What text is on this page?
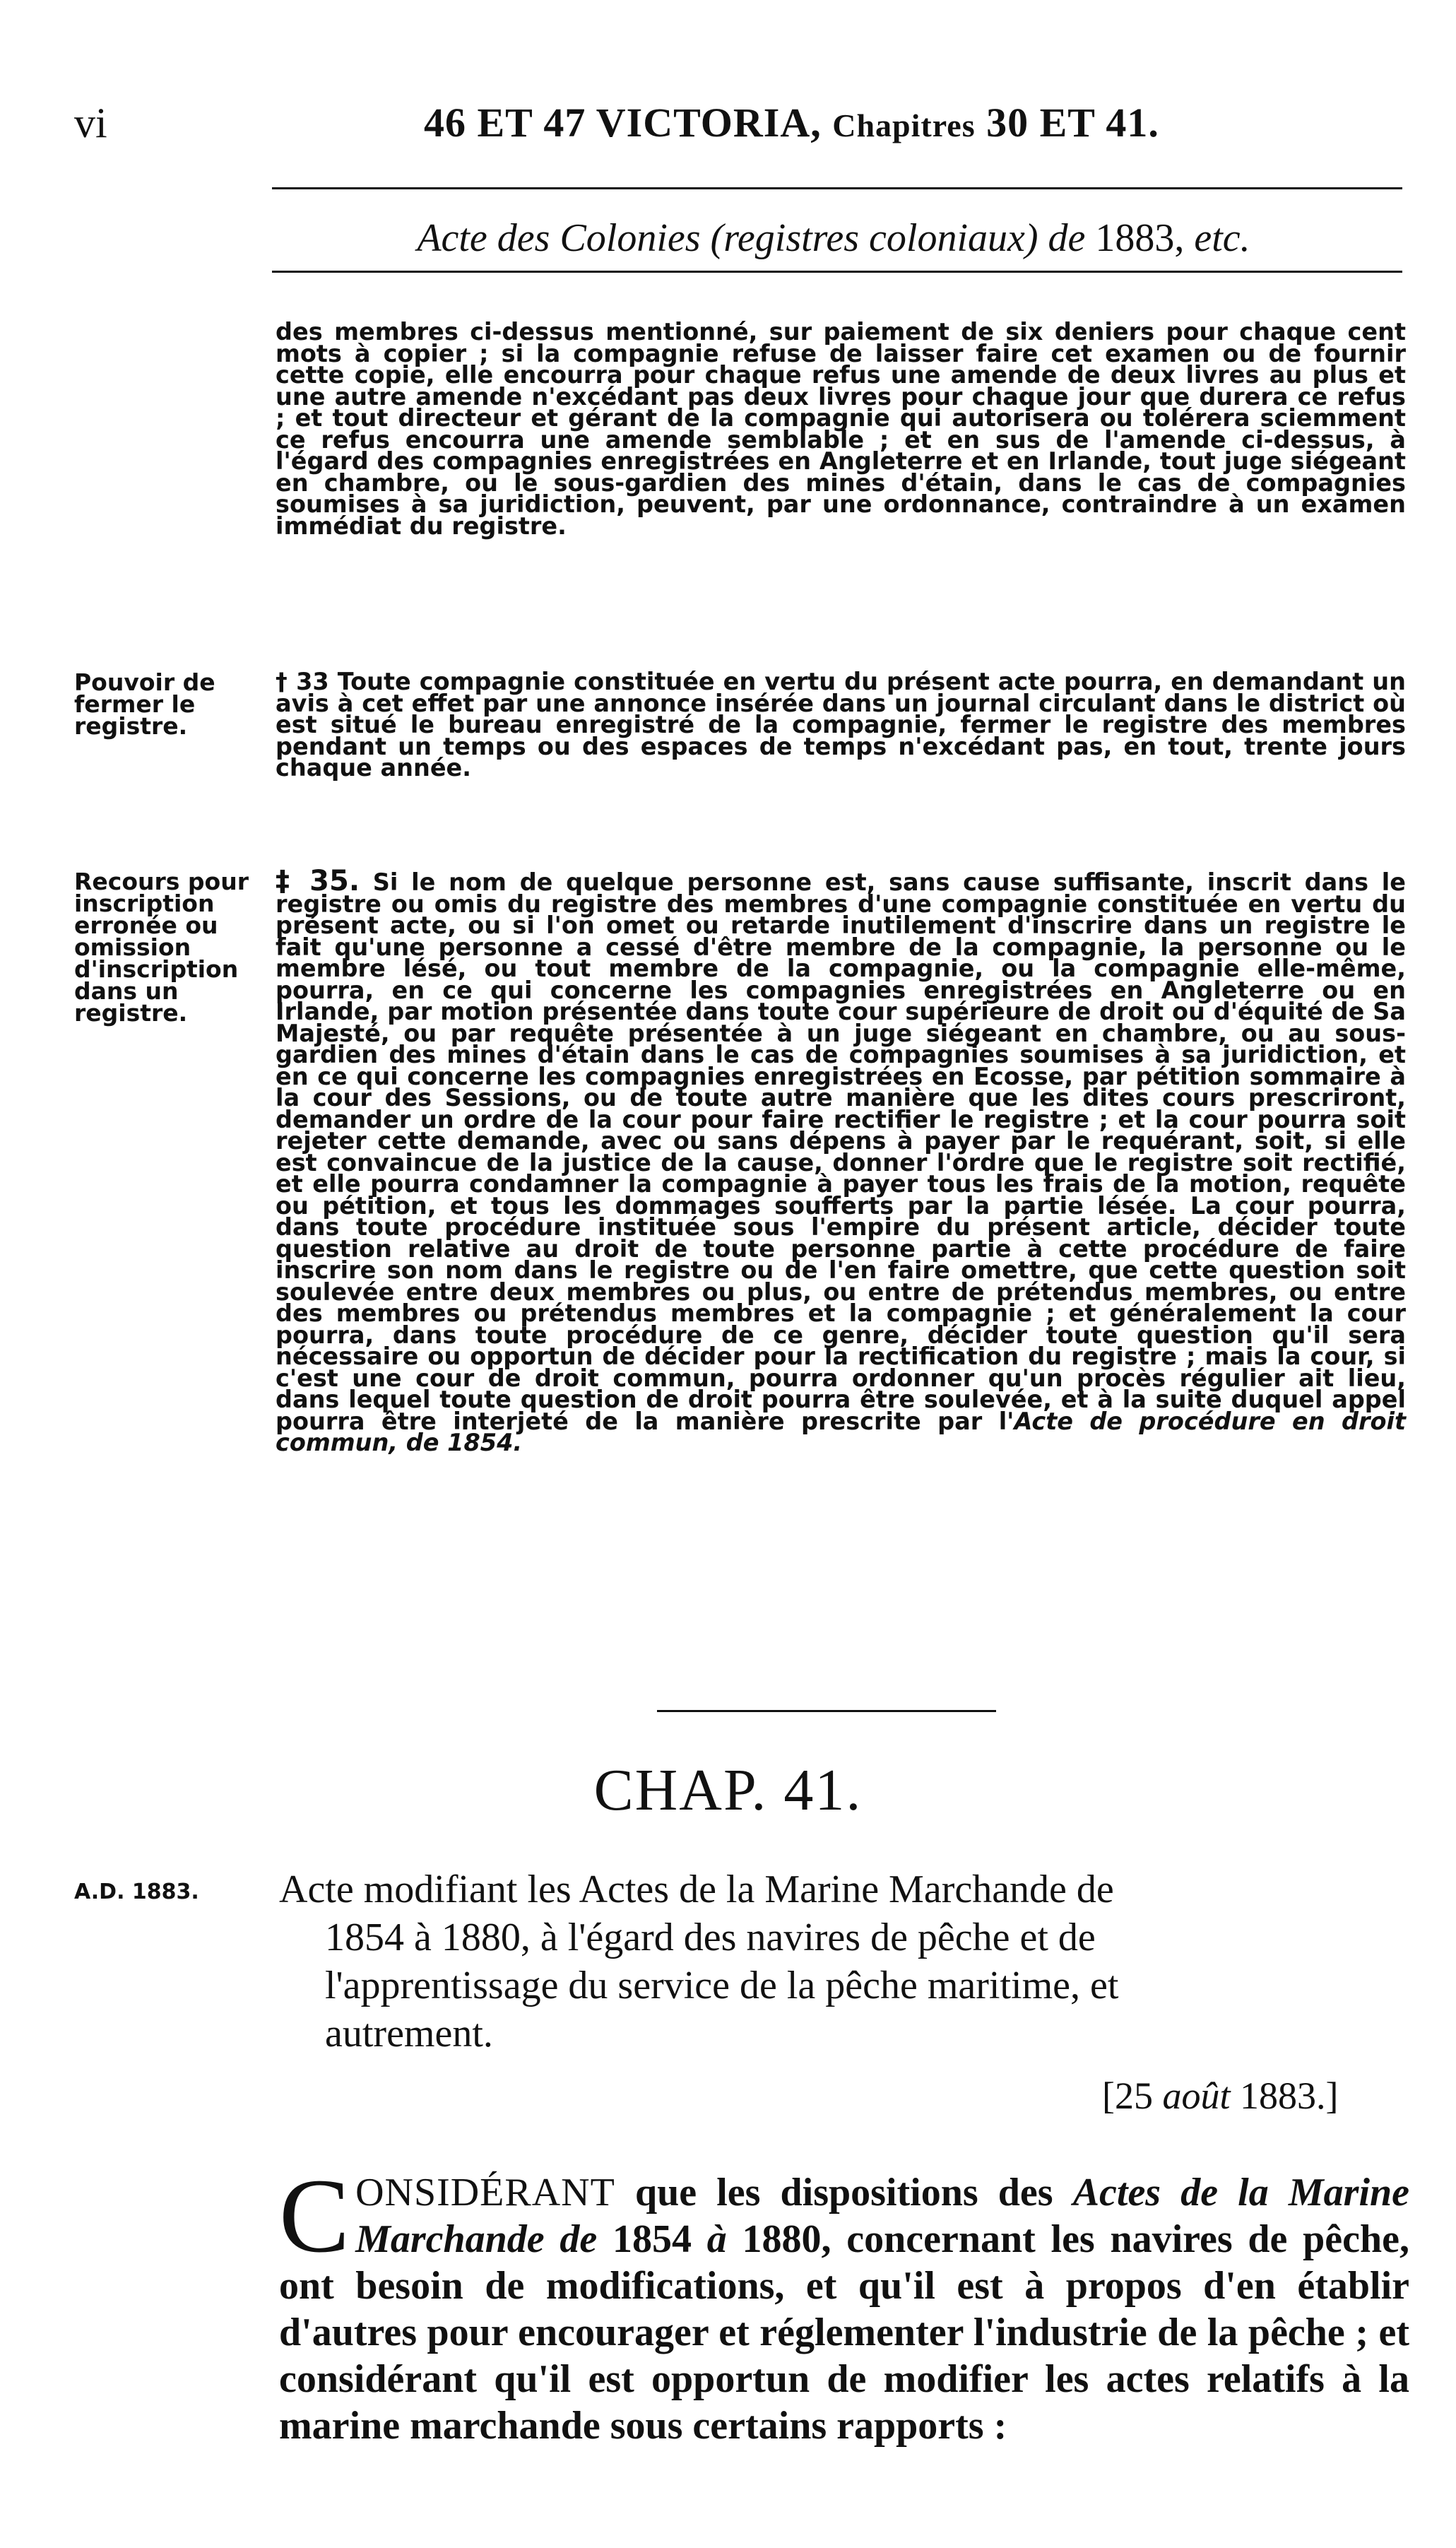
vi	46 ET 47 VICTORIA, Chapitres 30 ET 41.
Acte des Colonies (registres coloniaux) de 1883, etc.
des membres ci-dessus mentionné, sur paiement de six deniers pour chaque cent mots à copier ; si la compagnie refuse de laisser faire cet examen ou de fournir cette copie, elle encourra pour chaque refus une amende de deux livres au plus et une autre amende n'excédant pas deux livres pour chaque jour que durera ce refus ; et tout directeur et gérant de la compagnie qui autorisera ou tolérera sciemment ce refus encourra une amende semblable ; et en sus de l'amende ci-dessus, à l'égard des compagnies enregistrées en Angleterre et en Irlande, tout juge siégeant en chambre, ou le sous-gardien des mines d'étain, dans le cas de compagnies soumises à sa juridiction, peuvent, par une ordonnance, contraindre à un examen immédiat du registre.
Pouvoir de fermer le registre.
† 33 Toute compagnie constituée en vertu du présent acte pourra, en demandant un avis à cet effet par une annonce insérée dans un journal circulant dans le district où est situé le bureau enregistré de la compagnie, fermer le registre des membres pendant un temps ou des espaces de temps n'excédant pas, en tout, trente jours chaque année.
Recours pour inscription erronée ou omission d'inscription dans un registre.
‡ 35. Si le nom de quelque personne est, sans cause suffisante, inscrit dans le registre ou omis du registre des membres d'une compagnie constituée en vertu du présent acte, ou si l'on omet ou retarde inutilement d'inscrire dans un registre le fait qu'une personne a cessé d'être membre de la compagnie, la personne ou le membre lésé, ou tout membre de la compagnie, ou la compagnie elle-même, pourra, en ce qui concerne les compagnies enregistrées en Angleterre ou en Irlande, par motion présentée dans toute cour supérieure de droit ou d'équité de Sa Majesté, ou par requête présentée à un juge siégeant en chambre, ou au sous-gardien des mines d'étain dans le cas de compagnies soumises à sa juridiction, et en ce qui concerne les compagnies enregistrées en Ecosse, par pétition sommaire à la cour des Sessions, ou de toute autre manière que les dites cours prescriront, demander un ordre de la cour pour faire rectifier le registre ; et la cour pourra soit rejeter cette demande, avec ou sans dépens à payer par le requérant, soit, si elle est convaincue de la justice de la cause, donner l'ordre que le registre soit rectifié, et elle pourra condamner la compagnie à payer tous les frais de la motion, requête ou pétition, et tous les dommages soufferts par la partie lésée. La cour pourra, dans toute procédure instituée sous l'empire du présent article, décider toute question relative au droit de toute personne partie à cette procédure de faire inscrire son nom dans le registre ou de l'en faire omettre, que cette question soit soulevée entre deux membres ou plus, ou entre de prétendus membres, ou entre des membres ou prétendus membres et la compagnie ; et généralement la cour pourra, dans toute procédure de ce genre, décider toute question qu'il sera nécessaire ou opportun de décider pour la rectification du registre ; mais la cour, si c'est une cour de droit commun, pourra ordonner qu'un procès régulier ait lieu, dans lequel toute question de droit pourra être soulevée, et à la suite duquel appel pourra être interjeté de la manière prescrite par l'Acte de procédure en droit commun, de 1854.
CHAP. 41.
A.D. 1883. Acte modifiant les Actes de la Marine Marchande de
1854 à 1880, à l'égard des navires de pêche et de
l'apprentissage du service de la pêche maritime, et
autrement.
[25 août 1883.]
CONSIDÉRANT que les dispositions des Actes de la Marine Marchande de 1854 à 1880, concernant les navires de pêche, ont besoin de modifications, et qu'il est à propos d'en établir d'autres pour encourager et réglementer l'industrie de la pêche ; et considérant qu'il est opportun de modifier les actes relatifs à la marine marchande sous certains rapports :
